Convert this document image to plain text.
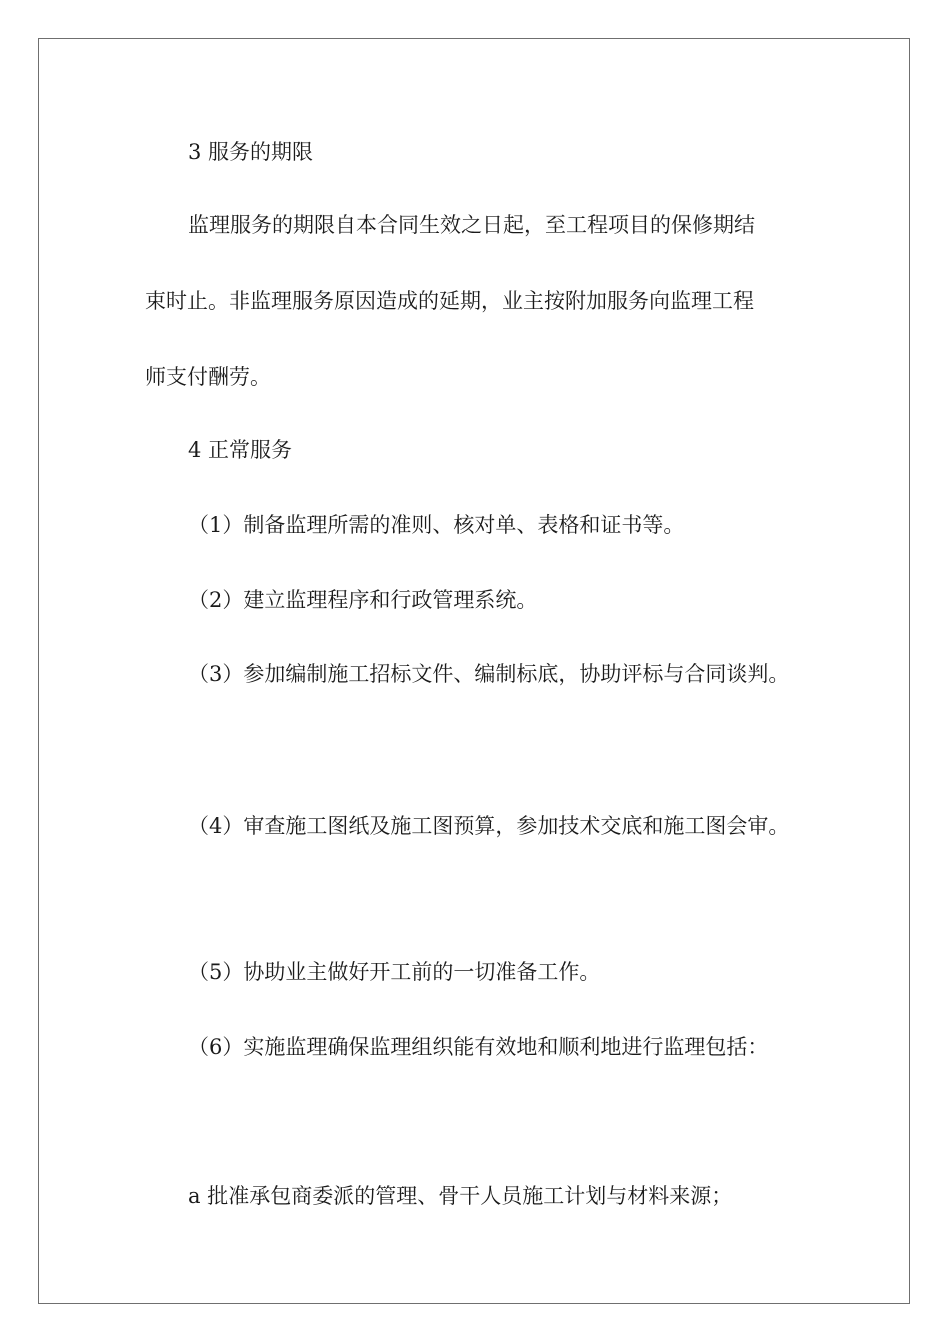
3 服务的期限

监理服务的期限自本合同生效之日起，至工程项目的保修期结

束时止。非监理服务原因造成的延期，业主按附加服务向监理工程

师支付酬劳。

4 正常服务

（1）制备监理所需的准则、核对单、表格和证书等。

（2）建立监理程序和行政管理系统。

（3）参加编制施工招标文件、编制标底，协助评标与合同谈判。

（4）审查施工图纸及施工图预算，参加技术交底和施工图会审。

（5）协助业主做好开工前的一切准备工作。

（6）实施监理确保监理组织能有效地和顺利地进行监理包括：

a 批准承包商委派的管理、骨干人员施工计划与材料来源；
